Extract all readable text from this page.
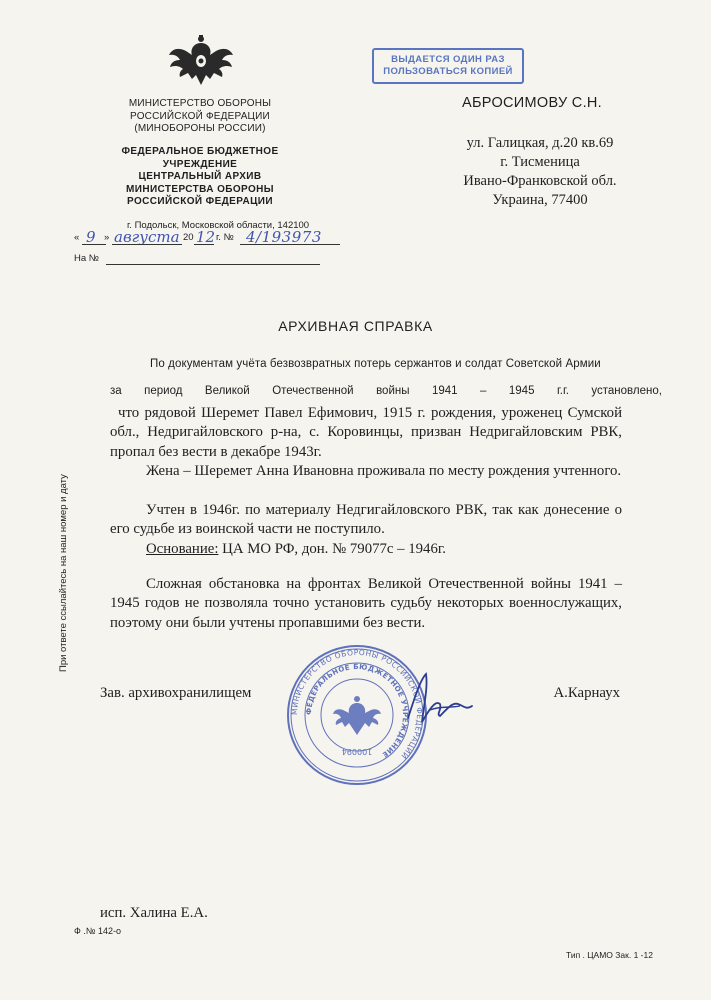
ВЫДАЕТСЯ ОДИН РАЗ
ПОЛЬЗОВАТЬСЯ КОПИЕЙ
МИНИСТЕРСТВО ОБОРОНЫ
РОССИЙСКОЙ ФЕДЕРАЦИИ
(МИНОБОРОНЫ РОССИИ)
ФЕДЕРАЛЬНОЕ БЮДЖЕТНОЕ
УЧРЕЖДЕНИЕ
ЦЕНТРАЛЬНЫЙ АРХИВ
МИНИСТЕРСТВА ОБОРОНЫ
РОССИЙСКОЙ ФЕДЕРАЦИИ
г. Подольск, Московской области, 142100
« 9 » августа 20 12 г. № 4/193973
На №
АБРОСИМОВУ С.Н.
ул. Галицкая, д.20 кв.69
г. Тисменица
Ивано-Франковской обл.
Украина, 77400
АРХИВНАЯ СПРАВКА
По документам учёта безвозвратных потерь сержантов и солдат Советской Армии
за период Великой Отечественной войны 1941 – 1945 г.г. установлено,
что рядовой Шеремет Павел Ефимович, 1915 г. рождения, уроженец Сумской обл., Недригайловского р-на, с. Коровинцы, призван Недригайловским РВК, пропал без вести в декабре 1943г.
Жена – Шеремет Анна Ивановна проживала по месту рождения учтенного.
Учтен в 1946г. по материалу Недгигайловского РВК, так как донесение о его судьбе из воинской части не поступило.
Основание: ЦА МО РФ, дон. № 79077с – 1946г.
Сложная обстановка на фронтах Великой Отечественной войны 1941 – 1945 годов не позволяла точно установить судьбу некоторых военнослужащих, поэтому они были учтены пропавшими без вести.
МИНИСТЕРСТВО ОБОРОНЫ РОССИЙСКОЙ ФЕДЕРАЦИИ
ФЕДЕРАЛЬНОЕ БЮДЖЕТНОЕ УЧРЕЖДЕНИЕ
100094
Зав. архивохранилищем	А.Карнаух
При ответе ссылайтесь на наш номер и дату
исп. Халина Е.А.
Ф .№ 142-о
Тип . ЦАМО Зак. 1 -12
